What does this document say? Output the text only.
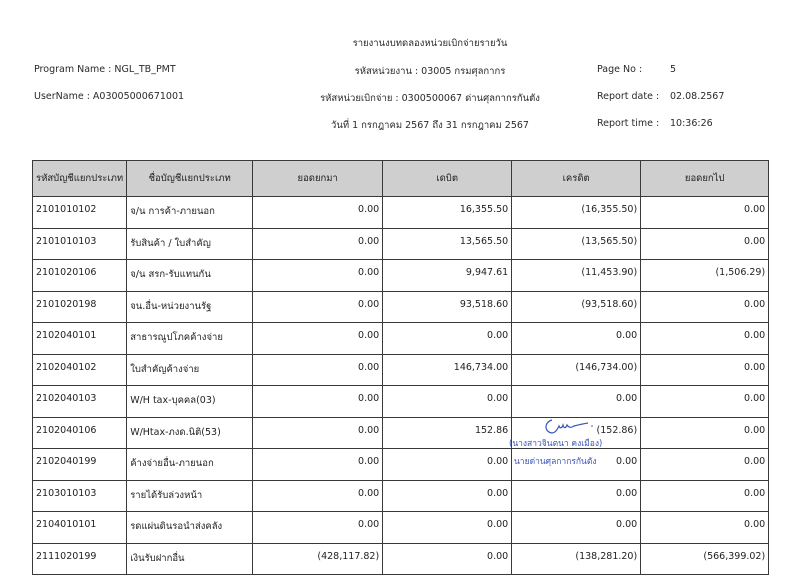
รายงานงบทดลองหน่วยเบิกจ่ายรายวัน
รหัสหน่วยงาน : 03005 กรมศุลกากร
รหัสหน่วยเบิกจ่าย : 0300500067 ด่านศุลกากรกันตัง
วันที่ 1 กรกฎาคม 2567 ถึง 31 กรกฎาคม 2567
Program Name : NGL_TB_PMT
UserName : A03005000671001
Page No :	5
Report date : 02.08.2567
Report time : 10:36:26
รหัสบัญชีแยกประเภท	ชื่อบัญชีแยกประเภท	ยอดยกมา	เดบิต	เครดิต	ยอดยกไป
2101010102	จ/น การค้า-ภายนอก	0.00	16,355.50	(16,355.50)	0.00
2101010103	รับสินค้า / ใบสำคัญ	0.00	13,565.50	(13,565.50)	0.00
2101020106	จ/น สรก-รับแทนกัน	0.00	9,947.61	(11,453.90)	(1,506.29)
2101020198	จน.อื่น-หน่วยงานรัฐ	0.00	93,518.60	(93,518.60)	0.00
2102040101	สาธารณูปโภคค้างจ่าย	0.00	0.00	0.00	0.00
2102040102	ใบสำคัญค้างจ่าย	0.00	146,734.00	(146,734.00)	0.00
2102040103	W/H tax-บุคคล(03)	0.00	0.00	0.00	0.00
2102040106	W/Htax-ภงด.นิติ(53)	0.00	152.86	(152.86)	0.00
2102040199	ค้างจ่ายอื่น-ภายนอก	0.00	0.00	0.00	0.00
2103010103	รายได้รับล่วงหน้า	0.00	0.00	0.00	0.00
2104010101	รดแผ่นดินรอนำส่งคลัง	0.00	0.00	0.00	0.00
2111020199	เงินรับฝากอื่น	(428,117.82)	0.00	(138,281.20)	(566,399.02)
(นางสาวจินตนา คงเมือง)
นายด่านศุลกากรกันตัง
